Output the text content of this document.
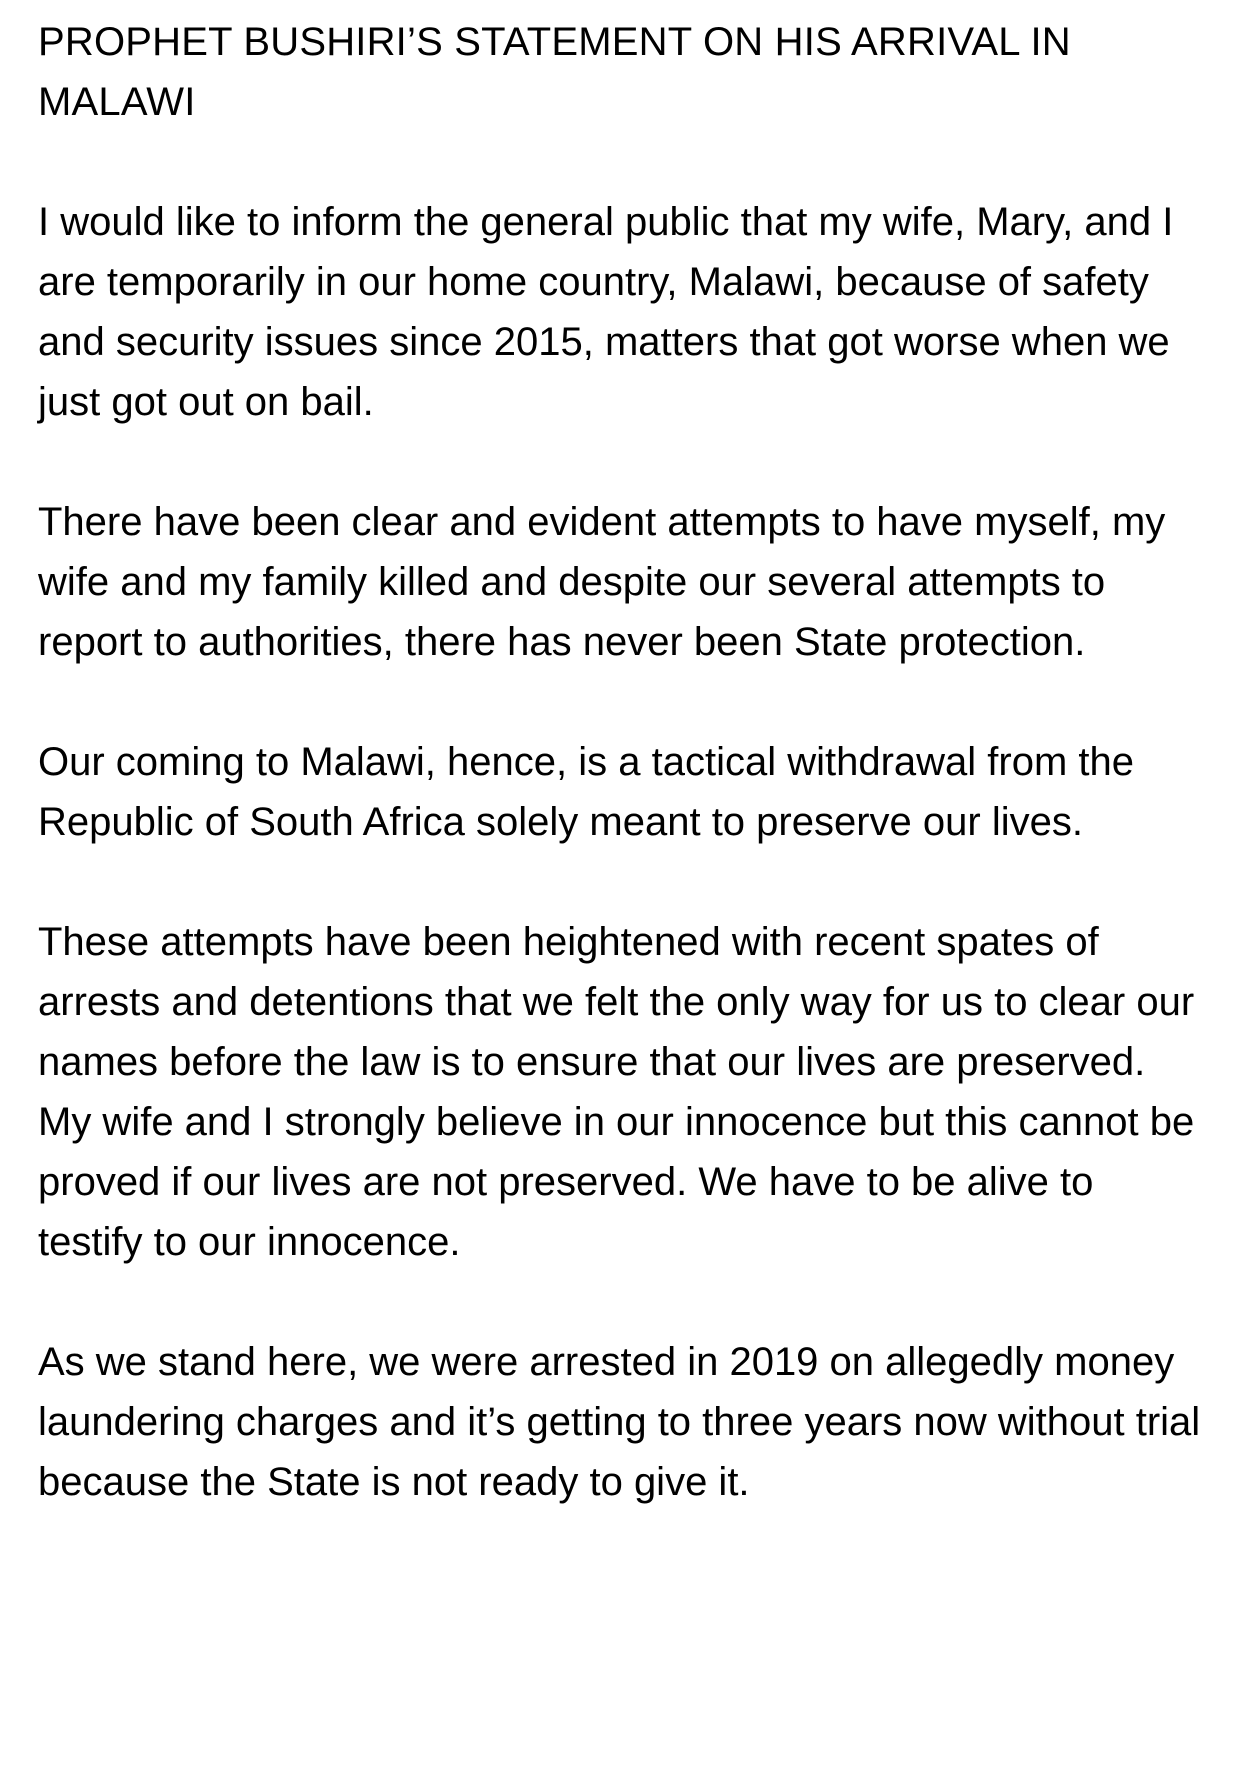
PROPHET BUSHIRI’S STATEMENT ON HIS ARRIVAL IN MALAWI

I would like to inform the general public that my wife, Mary, and I are temporarily in our home country, Malawi, because of safety and security issues since 2015, matters that got worse when we just got out on bail.

There have been clear and evident attempts to have myself, my wife and my family killed and despite our several attempts to report to authorities, there has never been State protection.

Our coming to Malawi, hence, is a tactical withdrawal from the Republic of South Africa solely meant to preserve our lives.

These attempts have been heightened with recent spates of arrests and detentions that we felt the only way for us to clear our names before the law is to ensure that our lives are preserved. My wife and I strongly believe in our innocence but this cannot be proved if our lives are not preserved. We have to be alive to testify to our innocence.

As we stand here, we were arrested in 2019 on allegedly money laundering charges and it’s getting to three years now without trial because the State is not ready to give it.
